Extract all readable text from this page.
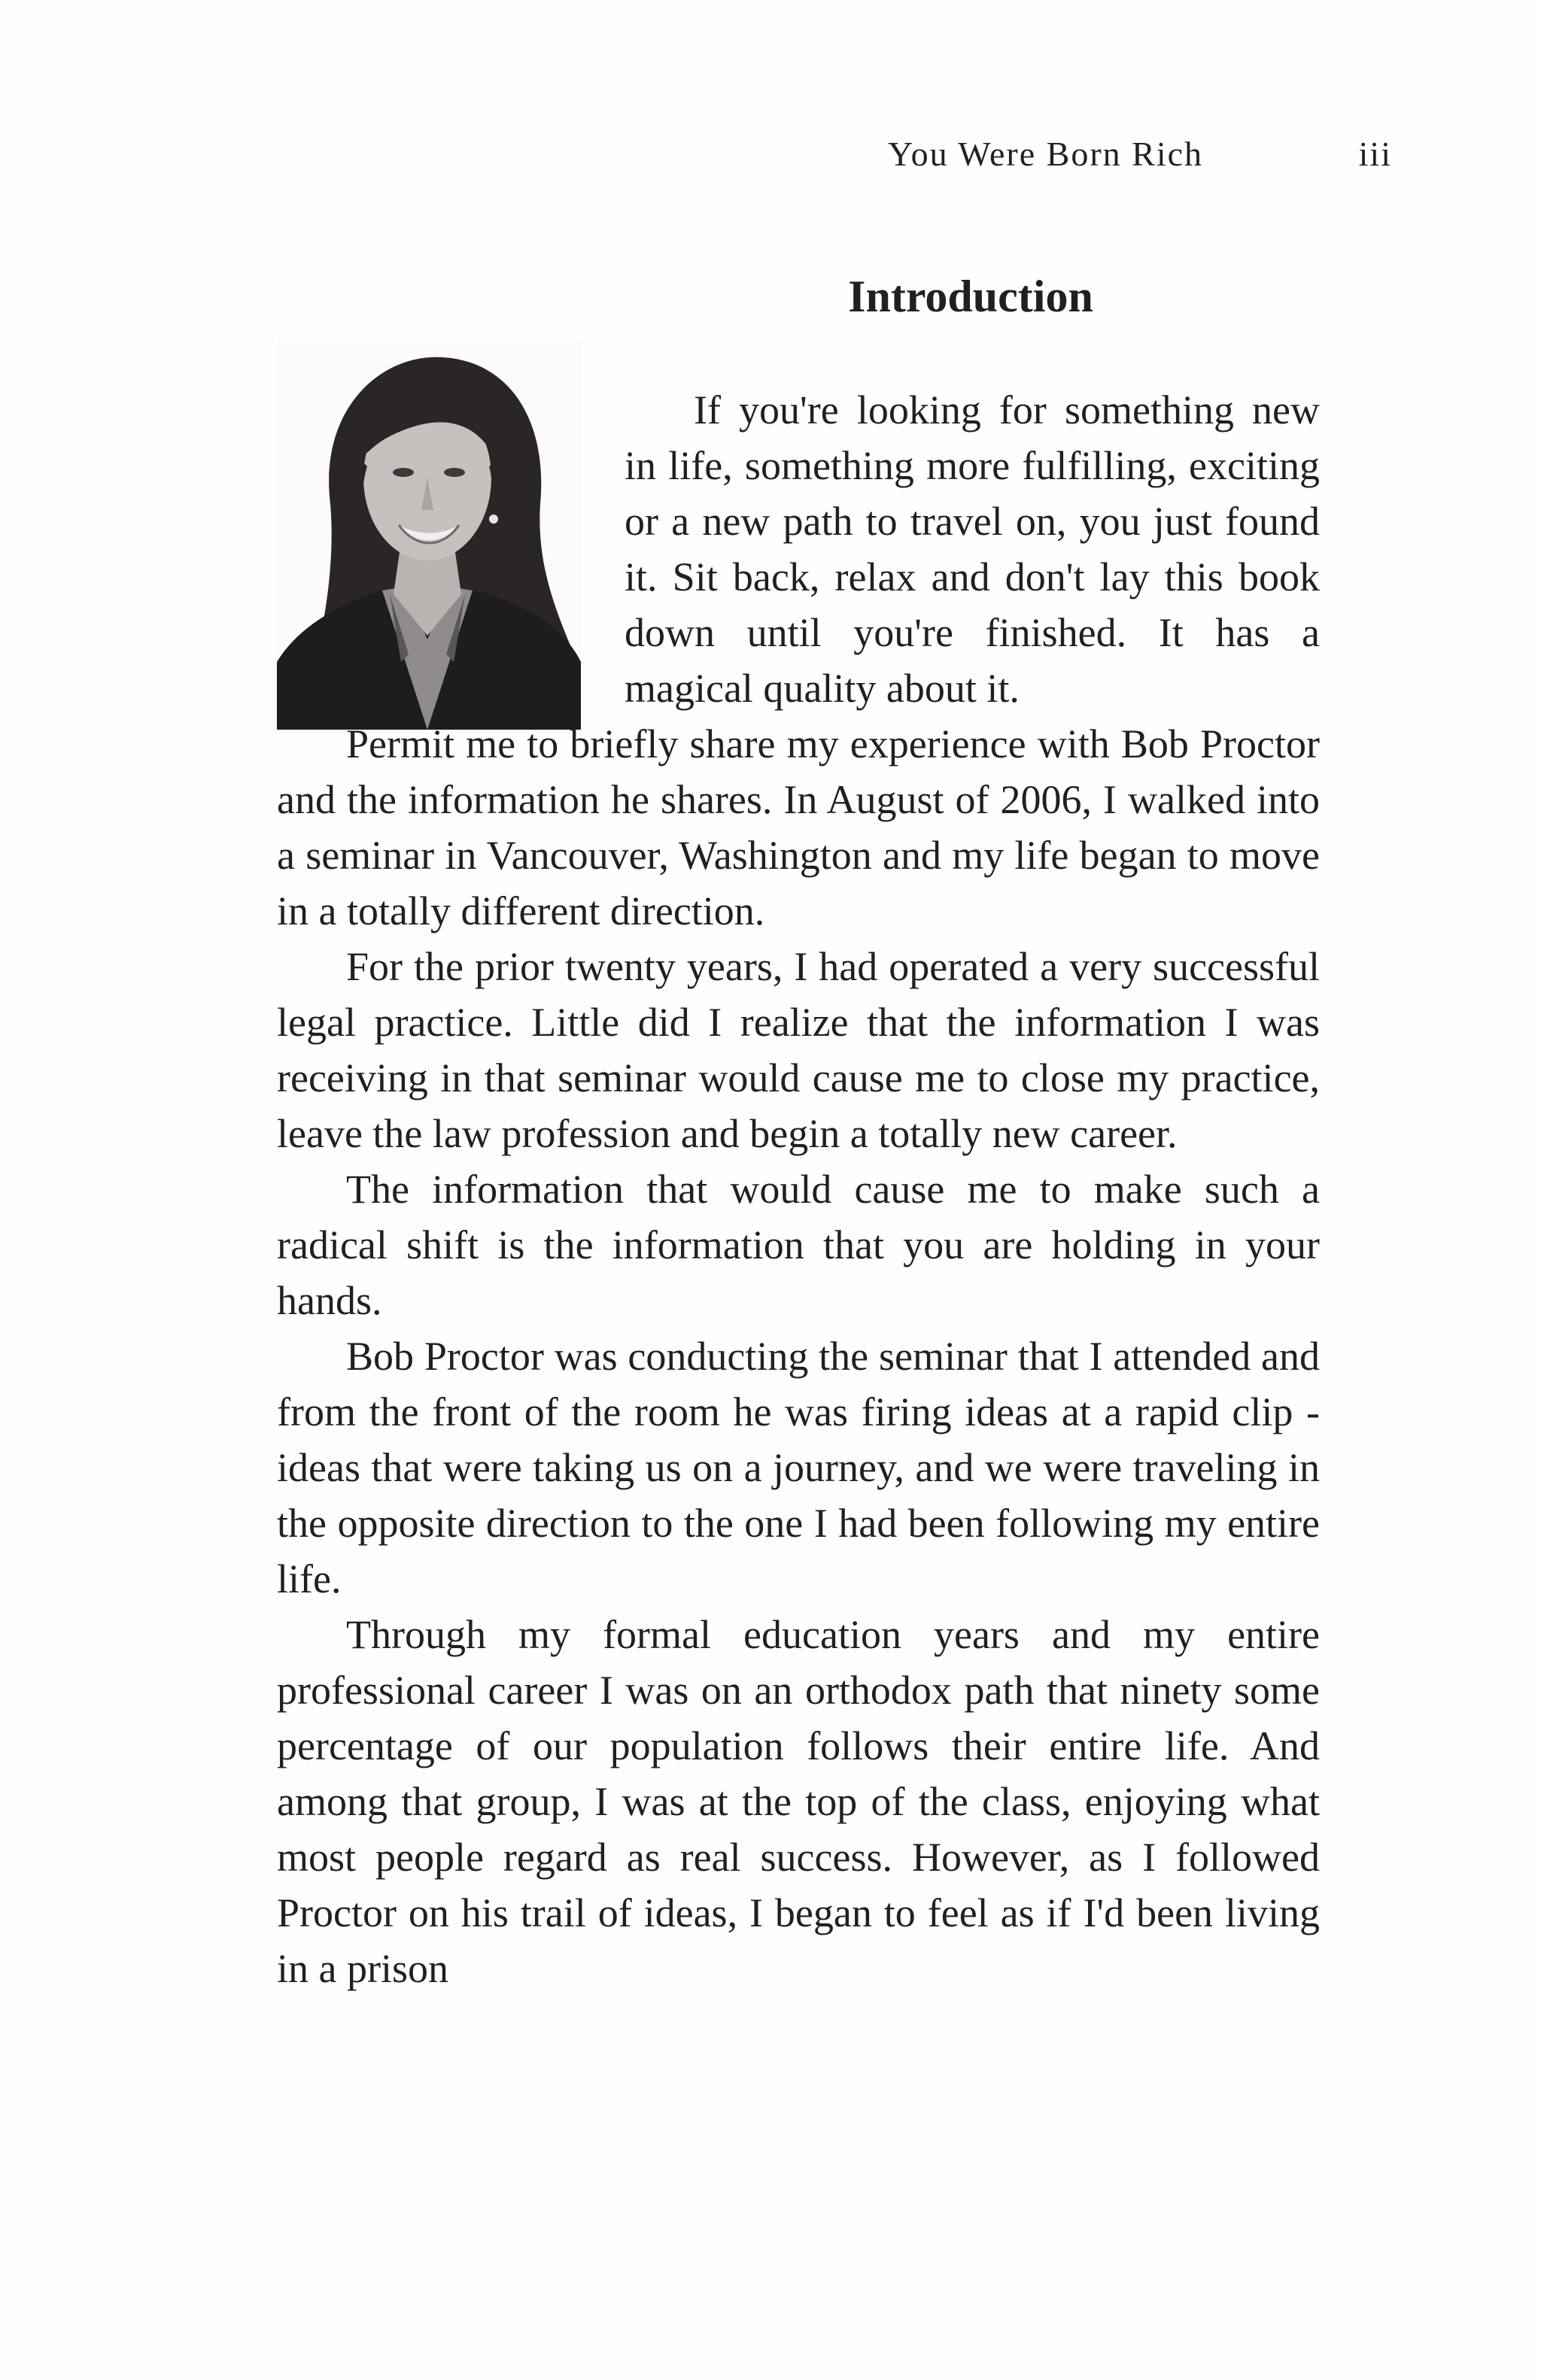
You Were Born Rich	iii
Introduction

If you're looking for something new in life, something more fulfilling, exciting or a new path to travel on, you just found it. Sit back, relax and don't lay this book down until you're finished. It has a magical quality about it.

Permit me to briefly share my experience with Bob Proctor and the information he shares. In August of 2006, I walked into a seminar in Vancouver, Washington and my life began to move in a totally different direction.

For the prior twenty years, I had operated a very successful legal practice. Little did I realize that the information I was receiving in that seminar would cause me to close my practice, leave the law profession and begin a totally new career.

The information that would cause me to make such a radical shift is the information that you are holding in your hands.

Bob Proctor was conducting the seminar that I attended and from the front of the room he was firing ideas at a rapid clip - ideas that were taking us on a journey, and we were traveling in the opposite direction to the one I had been following my entire life.

Through my formal education years and my entire professional career I was on an orthodox path that ninety some percentage of our population follows their entire life. And among that group, I was at the top of the class, enjoying what most people regard as real success. However, as I followed Proctor on his trail of ideas, I began to feel as if I'd been living in a prison
